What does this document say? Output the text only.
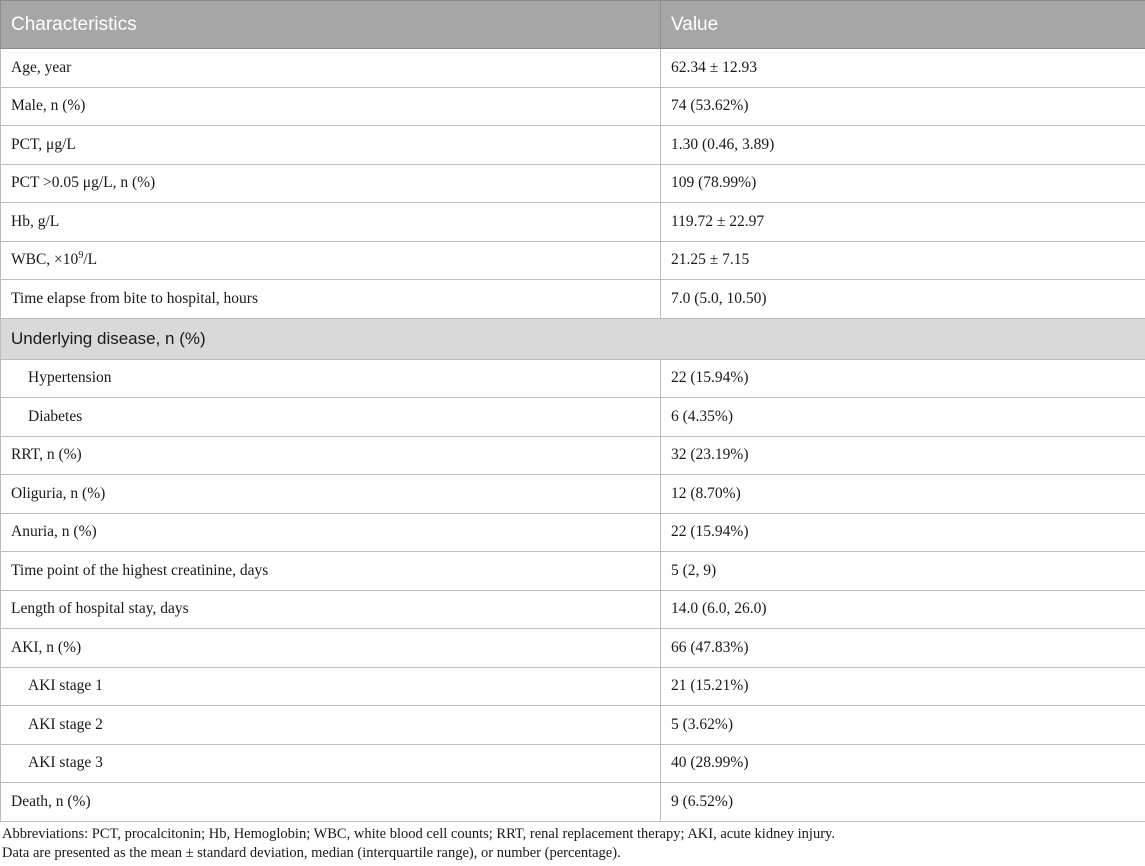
Characteristics	Value
Age, year	62.34 ± 12.93
Male, n (%)	74 (53.62%)
PCT, μg/L	1.30 (0.46, 3.89)
PCT >0.05 μg/L, n (%)	109 (78.99%)
Hb, g/L	119.72 ± 22.97
WBC, $\times 10^9/L$	21.25 ± 7.15
Time elapse from bite to hospital, hours	7.0 (5.0, 10.50)
Underlying disease, n (%)	
Hypertension	22 (15.94%)
Diabetes	6 (4.35%)
RRT, n (%)	32 (23.19%)
Oliguria, n (%)	12 (8.70%)
Anuria, n (%)	22 (15.94%)
Time point of the highest creatinine, days	5 (2, 9)
Length of hospital stay, days	14.0 (6.0, 26.0)
AKI, n (%)	66 (47.83%)
AKI stage 1	21 (15.21%)
AKI stage 2	5 (3.62%)
AKI stage 3	40 (28.99%)
Death, n (%)	9 (6.52%)
Abbreviations: PCT, procalcitonin; Hb, Hemoglobin; WBC, white blood cell counts; RRT, renal replacement therapy; AKI, acute kidney injury.
Data are presented as the mean ± standard deviation, median (interquartile range), or number (percentage).
